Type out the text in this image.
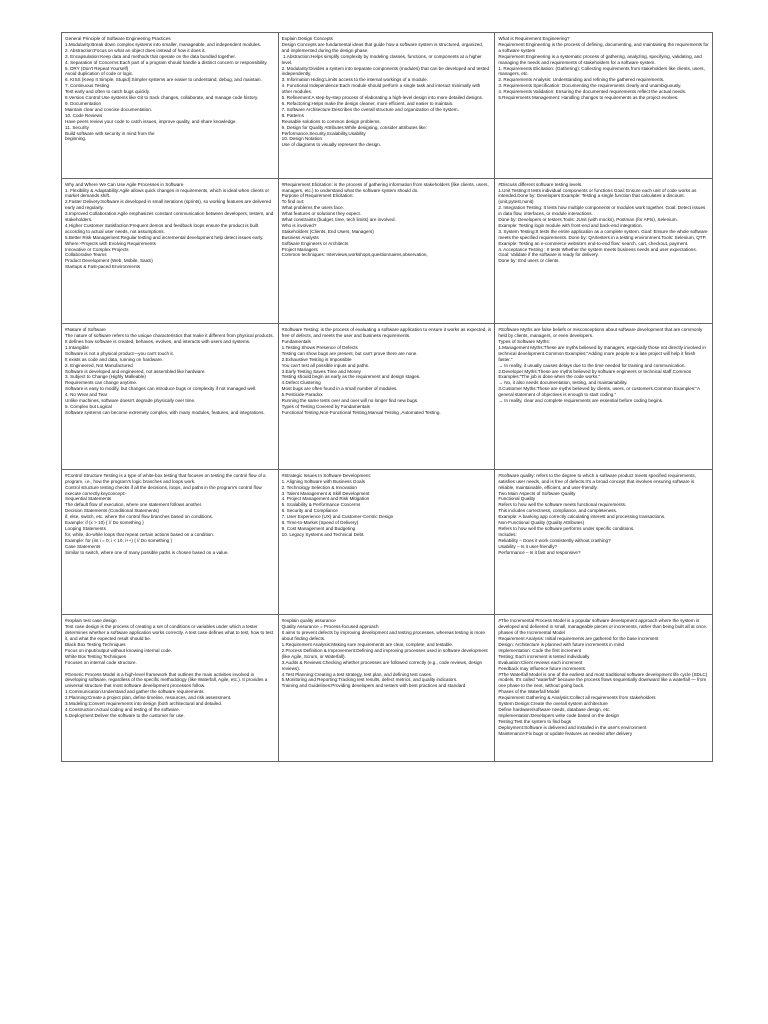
General Principle of Software Engineering Practices
1.Modularity:Break down complex systems into smaller, manageable, and independent modules.
2. Abstraction:Focus on what an object does instead of how it does it.
3. Encapsulation:Keep data and methods that operate on the data bundled together.
4. Separation of Concerns:Each part of a program should handle a distinct concern or responsibility.
5. DRY (Don't Repeat Yourself)
Avoid duplication of code or logic.
6. KISS (Keep It Simple, Stupid):Simpler systems are easier to understand, debug, and maintain.
7. Continuous Testing
Test early and often to catch bugs quickly.
8.Version Control:Use systems like Git to track changes, collaborate, and manage code history.
9. Documentation
Maintain clear and concise documentation.
10. Code Reviews
Have peers review your code to catch issues, improve quality, and share knowledge.
11. Security
Build software with security in mind from the
beginning.
Explain Design Concepts
Design Concepts are fundamental ideas that guide how a software system is structured, organized, and implemented during the design phase.
1.Abstraction:Helps simplify complexity by modeling classes, functions, or components at a higher level.
2. Modularity:Divides a system into separate components (modules) that can be developed and tested independently.
3. Information Hiding:Limits access to the internal workings of a module.
4. Functional Independence:Each module should perform a single task and interact minimally with other modules.
5. Refinement:A step-by-step process of elaborating a high-level design into more detailed designs.
6. Refactoring:Helps make the design cleaner, more efficient, and easier to maintain.
7. Software Architecture:Describes the overall structure and organization of the system.
8. Patterns
Reusable solutions to common design problems.
9. Design for Quality Attributes:While designing, consider attributes like: Performance,Security,Scalability,Usability
10. Design Notation
Use of diagrams to visually represent the design.
What is Requirement Engineering?
Requirement Engineering is the process of defining, documenting, and maintaining the requirements for a software system
Requirement Engineering is a systematic process of gathering, analyzing, specifying, validating, and managing the needs and requirements of stakeholders for a software system.
1. Requirements Elicitation: (Gathering): Collecting requirements from stakeholders like clients, users, managers, etc.
2. Requirements Analysis: Understanding and refining the gathered requirements.
3. Requirements Specification: Documenting the requirements clearly and unambiguously.
4. Requirements Validation: Ensuring the documented requirements reflect the actual needs.
5.Requirements Management: Handling changes to requirements as the project evolves.
Why and Where We Can Use Agile Processes in Software
1. Flexibility & Adaptability:Agile allows quick changes in requirements, which is ideal when clients or market demands shift.
2.Faster Delivery:Software is developed in small iterations (sprints), so working features are delivered early and regularly.
3.Improved Collaboration:Agile emphasizes constant communication between developers, testers, and stakeholders.
4.Higher Customer Satisfaction:Frequent demos and feedback loops ensure the product is built according to actual user needs, not assumptions.
5.Better Risk Management:Regular testing and incremental development help detect issues early.
Where:-Projects with Evolving Requirements
Innovative or Complex Projects
Collaborative Teams
Product Development (Web, Mobile, SaaS)
Startups & Fast-paced Environments
#Requirement Elicitation: is the process of gathering information from stakeholders (like clients, users, managers, etc.) to understand what the software system should do.
Purpose of Requirement Elicitation:
To find out:
What problems the users face.
What features or solutions they expect.
What constraints (budget, time, tech limits) are involved.
Who is involved?
Stakeholders (Clients, End Users, Managers)
Business Analysts
Software Engineers or Architects
Project Managers
Common techniques: Interviews,workshops,questionnaires,observation,
#Discuss different software testing levels.
1.Unit Testing:It tests individual components or functions Goal: Ensure each unit of code works as intended.Done by: Developers Example: Testing a single function that calculates a discount.(unit,pytest,nunit)
2. Integration Testing: It tests how multiple components or modules work together. Goal: Detect issues in data flow, interfaces, or module interactions.
Done by: Developers or testers.Tools: JUnit (with mocks), Postman (for APIs), Selenium.
Example: Testing login module with front-end and back-end integration.
3. System Testing:It tests the entire application as a complete system. Goal: Ensure the whole software meets the specified requirements. Done by: QA/testers in a testing environment.Tools: Selenium, QTP.
Example: Testing an e-commerce website's end-to-end flow: search, cart, checkout, payment.
4. Acceptance Testing : It tests Whether the system meets business needs and user expectations.
Goal: Validate if the software is ready for delivery.
Done by: End users or clients.
#Nature of Software
The nature of software refers to the unique characteristics that make it different from physical products. It defines how software is created, behaves, evolves, and interacts with users and systems.
1.Intangible
Software is not a physical product—you can't touch it.
It exists as code and data, running on hardware.
2. Engineered, Not Manufactured
Software is developed and engineered, not assembled like hardware.
3. Subject to Change (Highly Malleable)
Requirements can change anytime.
Software is easy to modify, but changes can introduce bugs or complexity if not managed well.
4. No Wear and Tear
Unlike machines, software doesn't degrade physically over time.
5. Complex but Logical
Software systems can become extremely complex, with many modules, features, and integrations.
#Software Testing: is the process of evaluating a software application to ensure it works as expected, is free of defects, and meets the user and business requirements.
Fundamentals
1.Testing Shows Presence of Defects
Testing can show bugs are present, but can't prove there are none.
2.Exhaustive Testing is Impossible
You can't test all possible inputs and paths.
3.Early Testing Saves Time and Money
Testing should begin as early as the requirement and design stages.
4.Defect Clustering
Most bugs are often found in a small number of modules.
5.Pesticide Paradox
Running the same tests over and over will no longer find new bugs.
Types of Testing Covered by Fundamentals
Functional Testing,Non-Functional Testing,Manual Testing ,Automated Testing.
#Software Myths are false beliefs or misconceptions about software development that are commonly held by clients, managers, or even developers.
Types of Software Myths:
1.Management Myths:These are myths believed by managers, especially those not directly involved in technical development.Common Examples:"Adding more people to a late project will help it finish faster."
→ In reality, it usually causes delays due to the time needed for training and communication.
2.Developer Myths:These are myths believed by software engineers or technical staff.Common Examples:"The job is done when the code works."
→ No, it also needs documentation, testing, and maintainability.
3.Customer Myths:These are myths believed by clients, users, or customers.Common Examples:"A general statement of objectives is enough to start coding."
→ In reality, clear and complete requirements are essential before coding begins.
#Control Structure Testing is a type of white-box testing that focuses on testing the control flow of a program, i.e., how the program's logic branches and loops work.
Control structure testing checks if all the decisions, loops, and paths in the program's control flow execute correctly.keyconcept:-
Sequential Statements
The default flow of execution, where one statement follows another.
Decision Statements (Conditional Statements)
if, else, switch, etc. where the control flow branches based on conditions.
Example: if (x > 10) { // Do something }
Looping Statements
for, while, do-while loops that repeat certain actions based on a condition.
Example: for (int i = 0; i < 10; i++) { // Do something }
Case Statements
Similar to switch, where one of many possible paths is chosen based on a value.
#Strategic Issues In Software Development:
1. Aligning Software with Business Goals
2. Technology Selection & Innovation
3. Talent Management & Skill Development
4. Project Management and Risk Mitigation
5. Scalability & Performance Concerns
6. Security and Compliance
7. User Experience (UX) and Customer-Centric Design
8. Time-to-Market (Speed of Delivery)
9. Cost Management and Budgeting
10. Legacy Systems and Technical Debt.
#Software quality: refers to the degree to which a software product meets specified requirements, satisfies user needs, and is free of defects.It's a broad concept that involves ensuring software is reliable, maintainable, efficient, and user-friendly.
Two Main Aspects of Software Quality
Functional Quality
Refers to how well the software meets functional requirements.
This includes correctness, compliance, and completeness.
Example: A banking app correctly calculating interest and processing transactions.
Non-Functional Quality (Quality Attributes)
Refers to how well the software performs under specific conditions.
Includes:
Reliability – Does it work consistently without crashing?
Usability – Is it user-friendly?
Performance – Is it fast and responsive?
#explain test case design
Test case design is the process of creating a set of conditions or variables under which a tester determines whether a software application works correctly. A test case defines what to test, how to test it, and what the expected result should be.
Black Box Testing Techniques
Focus on input/output without knowing internal code.
White Box Testing Techniques
Focuses on internal code structure.

#Generic Process Model is a high-level framework that outlines the main activities involved in developing software, regardless of the specific methodology (like Waterfall, Agile, etc.). It provides a universal structure that most software development processes follow.
1.Communication:Understand and gather the software requirements.
2.Planning:Create a project plan, define timeline, resources, and risk assessment.
3.Modeling:Convert requirements into design (both architectural and detailed.
4.Construction:Actual coding and testing of the software.
5.Deployment:Deliver the software to the customer for use.
#explain quality assurance
Quality Assurance = Process-focused approach
It aims to prevent defects by improving development and testing processes, whereas testing is more about finding defects.
1.Requirement Analysis:Making sure requirements are clear, complete, and testable.
2.Process Definition & Improvement:Defining and improving processes used in software development (like Agile, Scrum, or Waterfall).
3.Audits & Reviews:Checking whether processes are followed correctly (e.g., code reviews, design reviews).
4.Test Planning:Creating a test strategy, test plan, and defining test cases.
5.Monitoring and Reporting:Tracking test results, defect metrics, and quality indicators.
Training and Guidelines:Providing developers and testers with best practices and standard
#The Incremental Process Model is a popular software development approach where the system is developed and delivered in small, manageable pieces or increments, rather than being built all at once.
phases of the Incremental Model
Requirement Analysis: Initial requirements are gathered for the base increment
Design: Architecture is planned with future increments in mind
Implementation: Code the first increment
Testing: Each increment is tested individually
Evaluation:Client reviews each increment
Feedback may influence future increments
#The Waterfall Model is one of the earliest and most traditional software development life cycle (SDLC) models. It's called "waterfall" because the process flows sequentially downward like a waterfall — from one phase to the next, without going back.
Phases of the Waterfall Model
Requirement Gathering & Analysis:Collect all requirements from stakeholders
System Design:Create the overall system architecture
Define hardware/software needs, database design, etc.
Implementation:Developers write code based on the design
Testing:Test the system to find bugs
Deployment:Software is delivered and installed in the user's environment
Maintenance:Fix bugs or update features as needed after delivery
